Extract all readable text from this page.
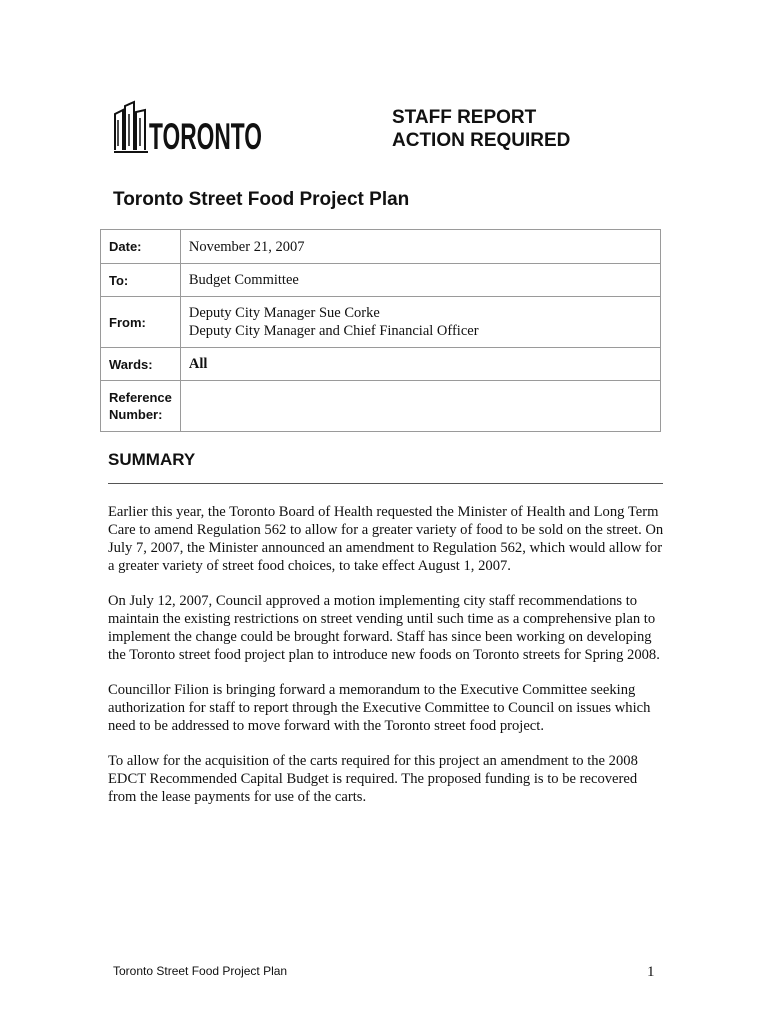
TORONTO	STAFF REPORT
ACTION REQUIRED
Toronto Street Food Project Plan
Date:	November 21, 2007
To:	Budget Committee
From:	Deputy City Manager Sue Corke
Deputy City Manager and Chief Financial Officer

Wards:	All

Reference
Number:	

SUMMARY

Earlier this year, the Toronto Board of Health requested the Minister of Health and Long Term Care to amend Regulation 562 to allow for a greater variety of food to be sold on the street. On July 7, 2007, the Minister announced an amendment to Regulation 562, which would allow for a greater variety of street food choices, to take effect August 1, 2007.

On July 12, 2007, Council approved a motion implementing city staff recommendations to maintain the existing restrictions on street vending until such time as a comprehensive plan to implement the change could be brought forward. Staff has since been working on developing the Toronto street food project plan to introduce new foods on Toronto streets for Spring 2008.

Councillor Filion is bringing forward a memorandum to the Executive Committee seeking authorization for staff to report through the Executive Committee to Council on issues which need to be addressed to move forward with the Toronto street food project.

To allow for the acquisition of the carts required for this project an amendment to the 2008 EDCT Recommended Capital Budget is required. The proposed funding is to be recovered from the lease payments for use of the carts.

Toronto Street Food Project Plan	1
